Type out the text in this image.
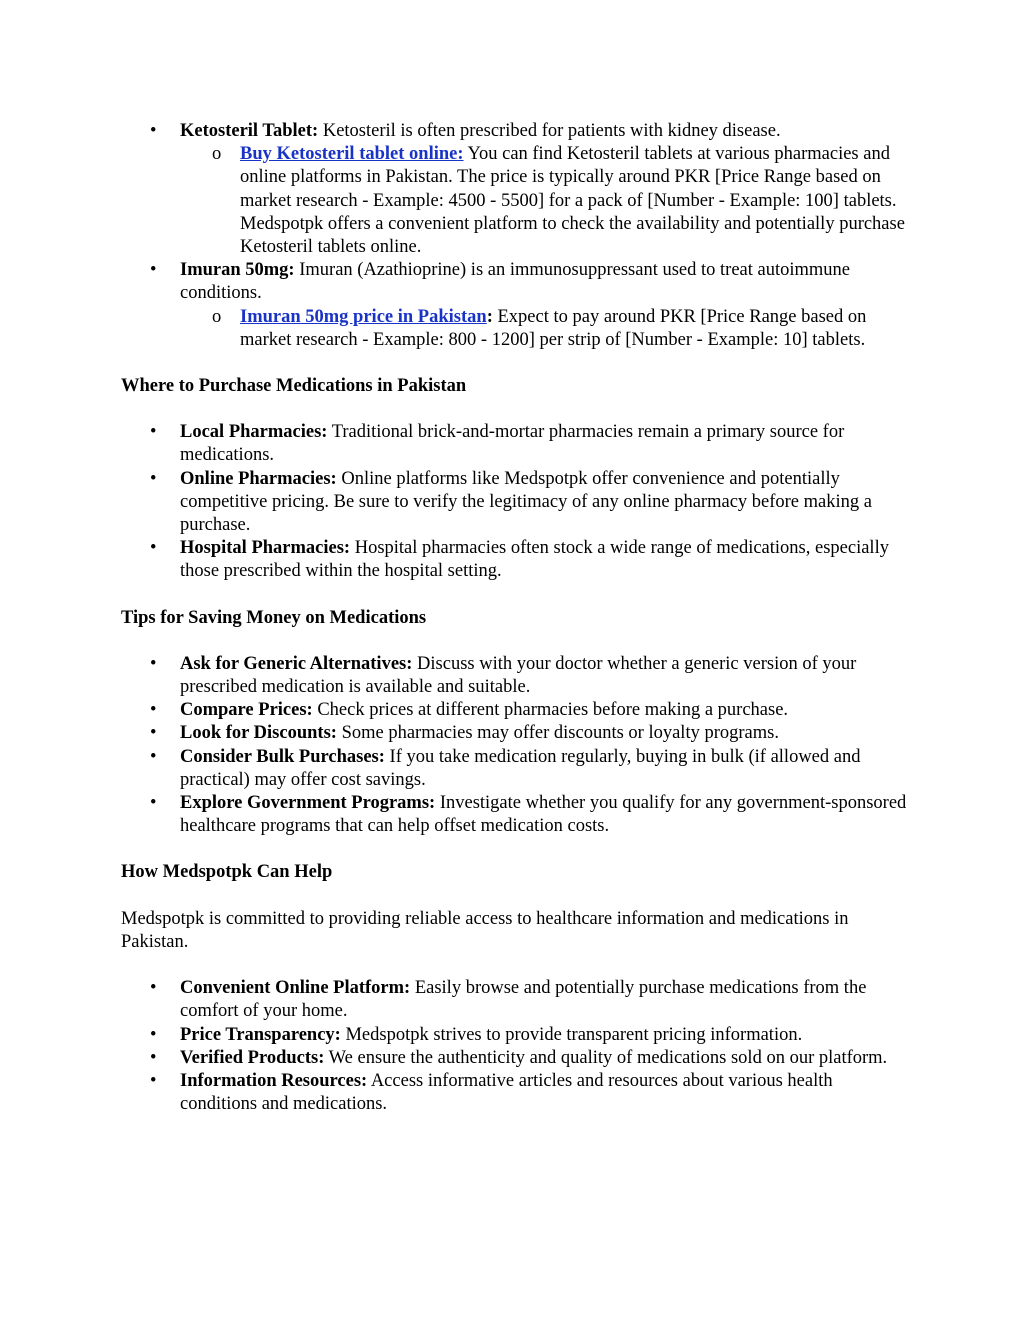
• Ketosteril Tablet: Ketosteril is often prescribed for patients with kidney disease.
o Buy Ketosteril tablet online: You can find Ketosteril tablets at various pharmacies and online platforms in Pakistan. The price is typically around PKR [Price Range based on market research - Example: 4500 - 5500] for a pack of [Number - Example: 100] tablets. Medspotpk offers a convenient platform to check the availability and potentially purchase Ketosteril tablets online.
• Imuran 50mg: Imuran (Azathioprine) is an immunosuppressant used to treat autoimmune conditions.
o Imuran 50mg price in Pakistan: Expect to pay around PKR [Price Range based on market research - Example: 800 - 1200] per strip of [Number - Example: 10] tablets.
Where to Purchase Medications in Pakistan
• Local Pharmacies: Traditional brick-and-mortar pharmacies remain a primary source for medications.
• Online Pharmacies: Online platforms like Medspotpk offer convenience and potentially competitive pricing. Be sure to verify the legitimacy of any online pharmacy before making a purchase.
• Hospital Pharmacies: Hospital pharmacies often stock a wide range of medications, especially those prescribed within the hospital setting.
Tips for Saving Money on Medications
• Ask for Generic Alternatives: Discuss with your doctor whether a generic version of your prescribed medication is available and suitable.
• Compare Prices: Check prices at different pharmacies before making a purchase.
• Look for Discounts: Some pharmacies may offer discounts or loyalty programs.
• Consider Bulk Purchases: If you take medication regularly, buying in bulk (if allowed and practical) may offer cost savings.
• Explore Government Programs: Investigate whether you qualify for any government-sponsored healthcare programs that can help offset medication costs.
How Medspotpk Can Help
Medspotpk is committed to providing reliable access to healthcare information and medications in Pakistan.
• Convenient Online Platform: Easily browse and potentially purchase medications from the comfort of your home.
• Price Transparency: Medspotpk strives to provide transparent pricing information.
• Verified Products: We ensure the authenticity and quality of medications sold on our platform.
• Information Resources: Access informative articles and resources about various health conditions and medications.
